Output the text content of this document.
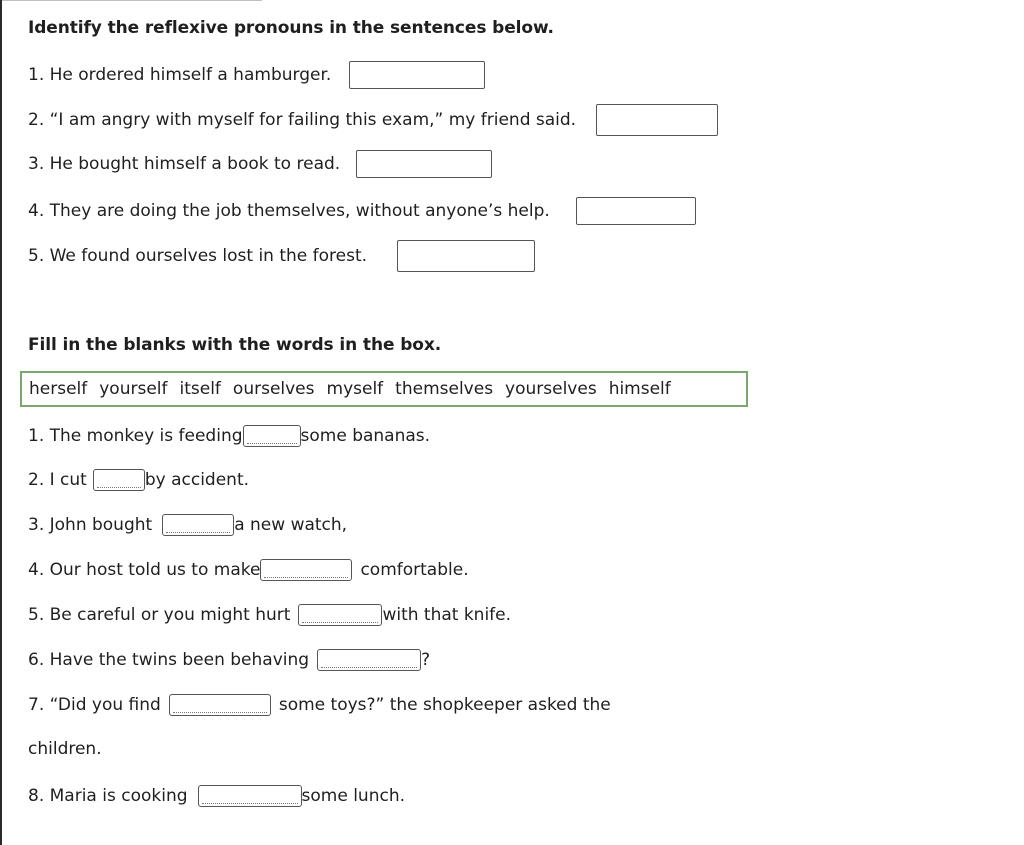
Identify the reflexive pronouns in the sentences below.
1. He ordered himself a hamburger.
2. “I am angry with myself for failing this exam,” my friend said.
3. He bought himself a book to read.
4. They are doing the job themselves, without anyone’s help.
5. We found ourselves lost in the forest.
Fill in the blanks with the words in the box.
herself yourself itself ourselves myself themselves yourselves himself
1. The monkey is feeding	some bananas.
2. I cut	by accident.
3. John bought	a new watch,
4. Our host told us to make	comfortable.
5. Be careful or you might hurt	with that knife.
6. Have the twins been behaving	?
7. “Did you find	some toys?” the shopkeeper asked the
children.
8. Maria is cooking	some lunch.
